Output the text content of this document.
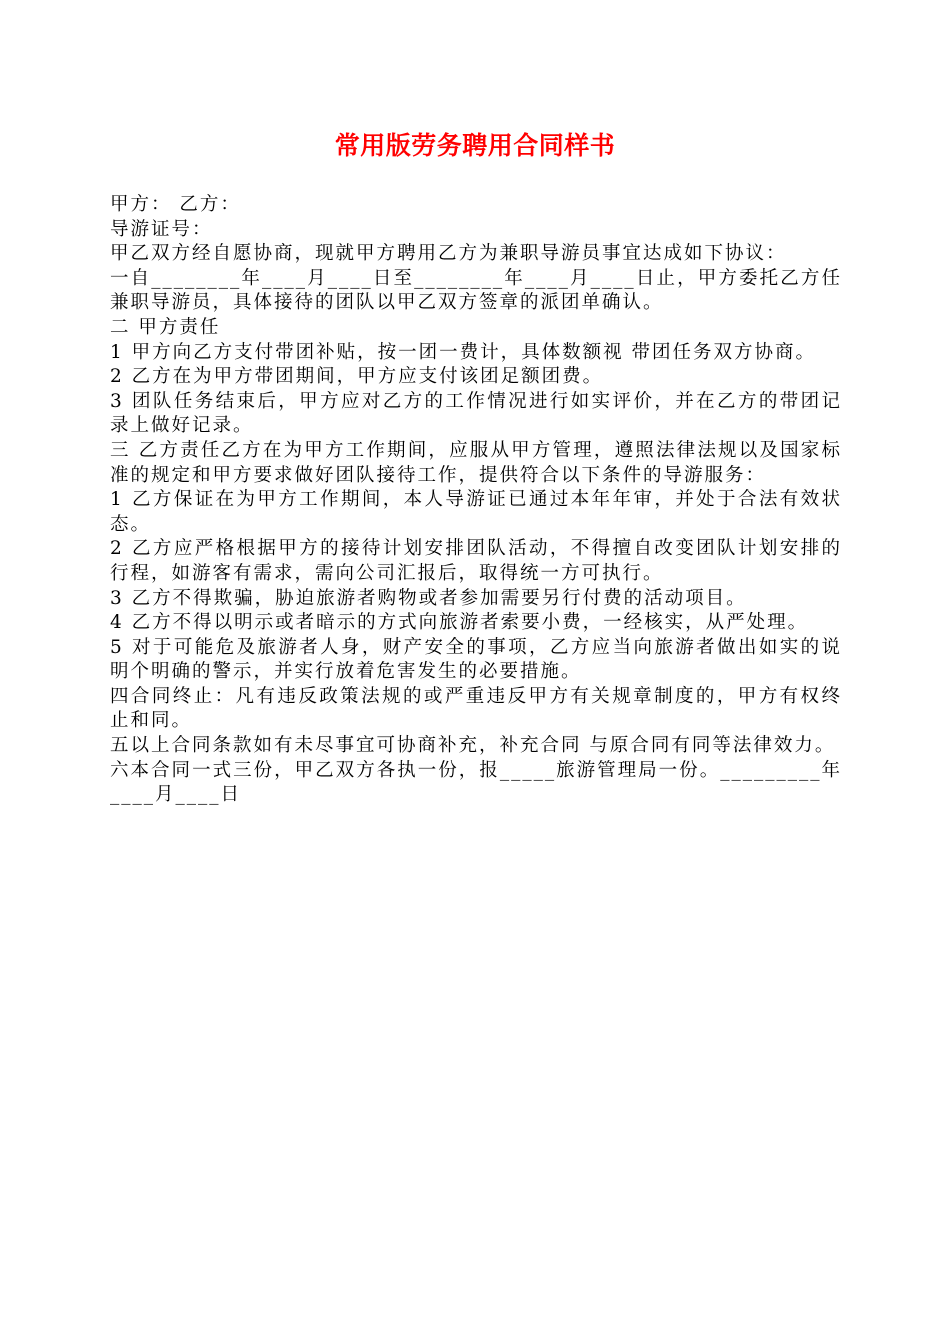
常用版劳务聘用合同样书

甲方： 乙方：

导游证号：

甲乙双方经自愿协商，现就甲方聘用乙方为兼职导游员事宜达成如下协议：

一自________年____月____日至________年____月____日止，甲方委托乙方任兼职导游员，具体接待的团队以甲乙双方签章的派团单确认。

二 甲方责任

1 甲方向乙方支付带团补贴，按一团一费计，具体数额视 带团任务双方协商。

2 乙方在为甲方带团期间，甲方应支付该团足额团费。

3 团队任务结束后，甲方应对乙方的工作情况进行如实评价，并在乙方的带团记录上做好记录。

三 乙方责任乙方在为甲方工作期间，应服从甲方管理，遵照法律法规以及国家标准的规定和甲方要求做好团队接待工作，提供符合以下条件的导游服务：

1 乙方保证在为甲方工作期间，本人导游证已通过本年年审，并处于合法有效状态。

2 乙方应严格根据甲方的接待计划安排团队活动，不得擅自改变团队计划安排的行程，如游客有需求，需向公司汇报后，取得统一方可执行。

3 乙方不得欺骗，胁迫旅游者购物或者参加需要另行付费的活动项目。

4 乙方不得以明示或者暗示的方式向旅游者索要小费，一经核实，从严处理。

5 对于可能危及旅游者人身，财产安全的事项，乙方应当向旅游者做出如实的说明个明确的警示，并实行放着危害发生的必要措施。

四合同终止：凡有违反政策法规的或严重违反甲方有关规章制度的，甲方有权终止和同。

五以上合同条款如有未尽事宜可协商补充，补充合同 与原合同有同等法律效力。

六本合同一式三份，甲乙双方各执一份，报_____旅游管理局一份。_________年____月____日
